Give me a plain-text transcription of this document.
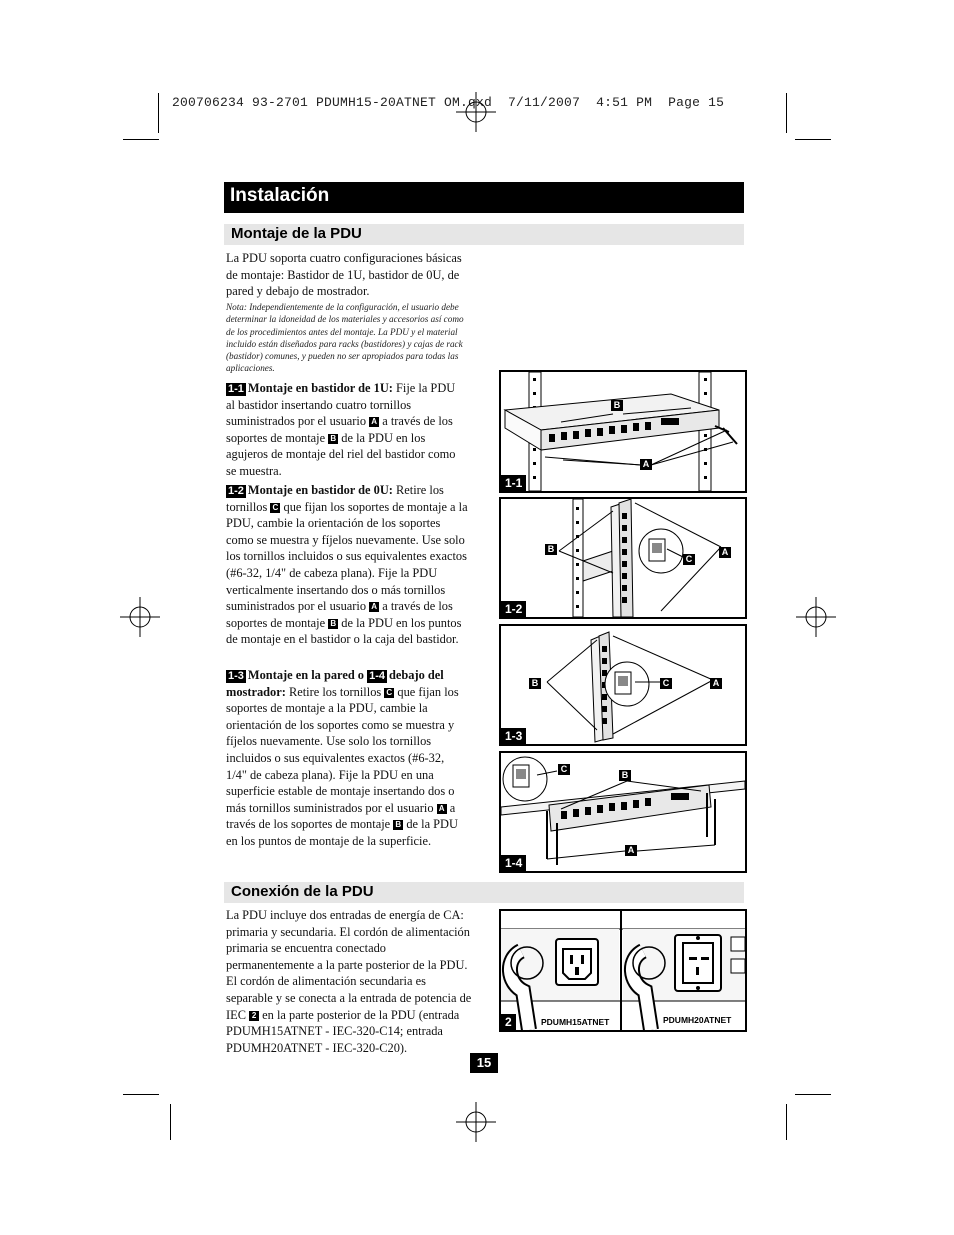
200706234 93-2701 PDUMH15-20ATNET OM.qxd  7/11/2007  4:51 PM  Page 15
Instalación
Montaje de la PDU
La PDU soporta cuatro configuraciones básicas de montaje: Bastidor de 1U, bastidor de 0U, de pared y debajo de mostrador.
Nota: Independientemente de la configuración, el usuario debe determinar la idoneidad de los materiales y accesorios así como de los procedimientos antes del montaje. La PDU y el material incluido están diseñados para racks (bastidores) y cajas de rack (bastidor) comunes, y pueden no ser apropiados para todas las aplicaciones.
1-1 Montaje en bastidor de 1U: Fije la PDU al bastidor insertando cuatro tornillos suministrados por el usuario A a través de los soportes de montaje B de la PDU en los agujeros de montaje del riel del bastidor como se muestra.
1-2 Montaje en bastidor de 0U: Retire los tornillos C que fijan los soportes de montaje a la PDU, cambie la orientación de los soportes como se muestra y fíjelos nuevamente. Use solo los tornillos incluidos o sus equivalentes exactos (#6-32, 1/4" de cabeza plana). Fije la PDU verticalmente insertando dos o más tornillos suministrados por el usuario A a través de los soportes de montaje B de la PDU en los puntos de montaje en el bastidor o la caja del bastidor.
1-3 Montaje en la pared o 1-4 debajo del mostrador: Retire los tornillos C que fijan los soportes de montaje a la PDU, cambie la orientación de los soportes como se muestra y fíjelos nuevamente. Use solo los tornillos incluidos o sus equivalentes exactos (#6-32, 1/4" de cabeza plana). Fije la PDU en una superficie estable de montaje insertando dos o más tornillos suministrados por el usuario A a través de los soportes de montaje B de la PDU en los puntos de montaje de la superficie.
B
A
1-1
B
C
A
1-2
B	C	A
1-3
C
B
A
1-4
Conexión de la PDU
La PDU incluye dos entradas de energía de CA: primaria y secundaria. El cordón de alimentación primaria se encuentra conectado permanentemente a la parte posterior de la PDU. El cordón de alimentación secundaria es separable y se conecta a la entrada de potencia de IEC 2 en la parte posterior de la PDU (entrada PDUMH15ATNET - IEC-320-C14; entrada PDUMH20ATNET - IEC-320-C20).
2	PDUMH15ATNET	PDUMH20ATNET
15
